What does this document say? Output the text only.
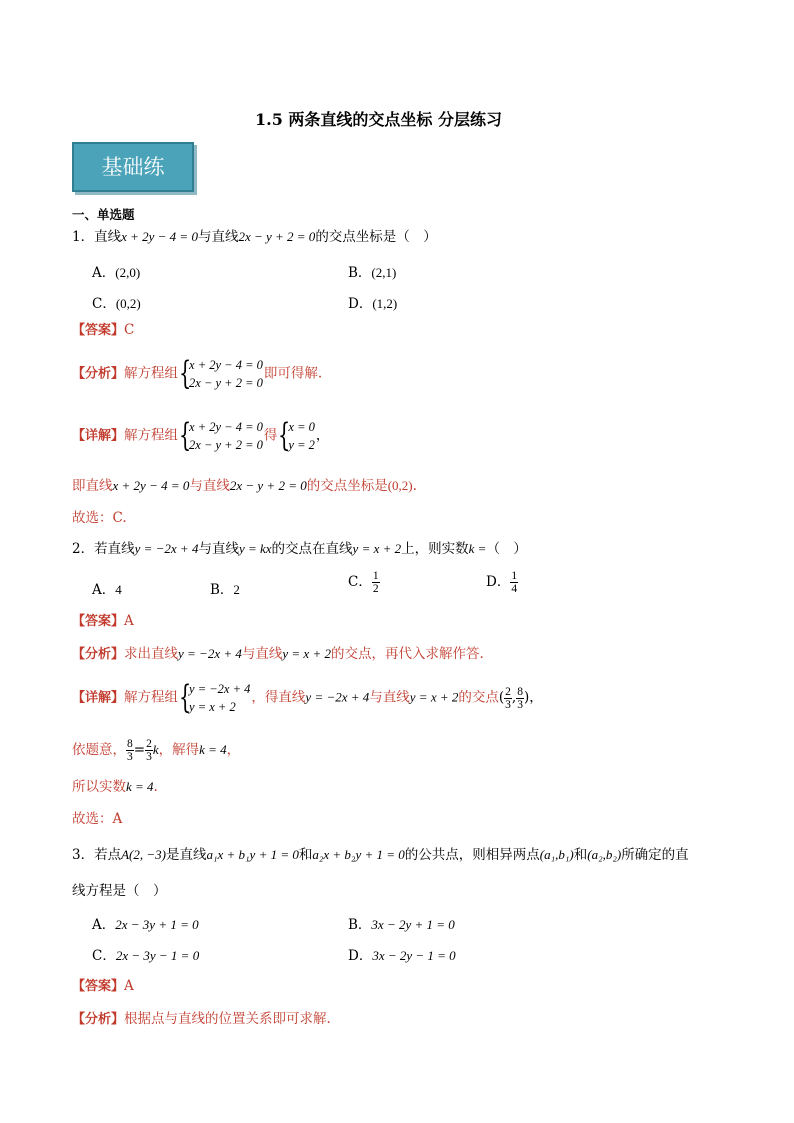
1.5 两条直线的交点坐标 分层练习
基础练
一、单选题
1．直线x + 2y − 4 = 0与直线2x − y + 2 = 0的交点坐标是（　）
A．(2,0)	B．(2,1)
C．(0,2)	D．(1,2)
【答案】C
【分析】解方程组 {
x + 2y − 4 = 0
2x − y + 2 = 0
即可得解.
【详解】解方程组 {
x + 2y − 4 = 0
2x − y + 2 = 0
得 {
x = 0
y = 2
，
即直线x + 2y − 4 = 0与直线2x − y + 2 = 0的交点坐标是(0,2).
故选：C.
2．若直线y = −2x + 4与直线y = kx的交点在直线y = x + 2上，则实数k =（　）
A．4	B．2	C． $\frac{1}{2}$	D． $\frac{1}{4}$
【答案】A
【分析】求出直线y = −2x + 4与直线y = x + 2的交点，再代入求解作答.
【详解】解方程组 {
y = −2x + 4
y = x + 2
，得直线y = −2x + 4与直线y = x + 2的交点( $\frac{2}{3}$ , $\frac{8}{3}$ )，
依题意， $\frac{8}{3} = \frac{2}{3}$ k，解得k = 4，
所以实数k = 4.
故选：A
3．若点A(2, −3)是直线a₁x + b₁y + 1 = 0和a₂x + b₂y + 1 = 0的公共点，则相异两点(a₁,b₁)和(a₂,b₂)所确定的直
线方程是（　）
A．2x − 3y + 1 = 0	B．3x − 2y + 1 = 0
C．2x − 3y − 1 = 0	D．3x − 2y − 1 = 0
【答案】A
【分析】根据点与直线的位置关系即可求解.
